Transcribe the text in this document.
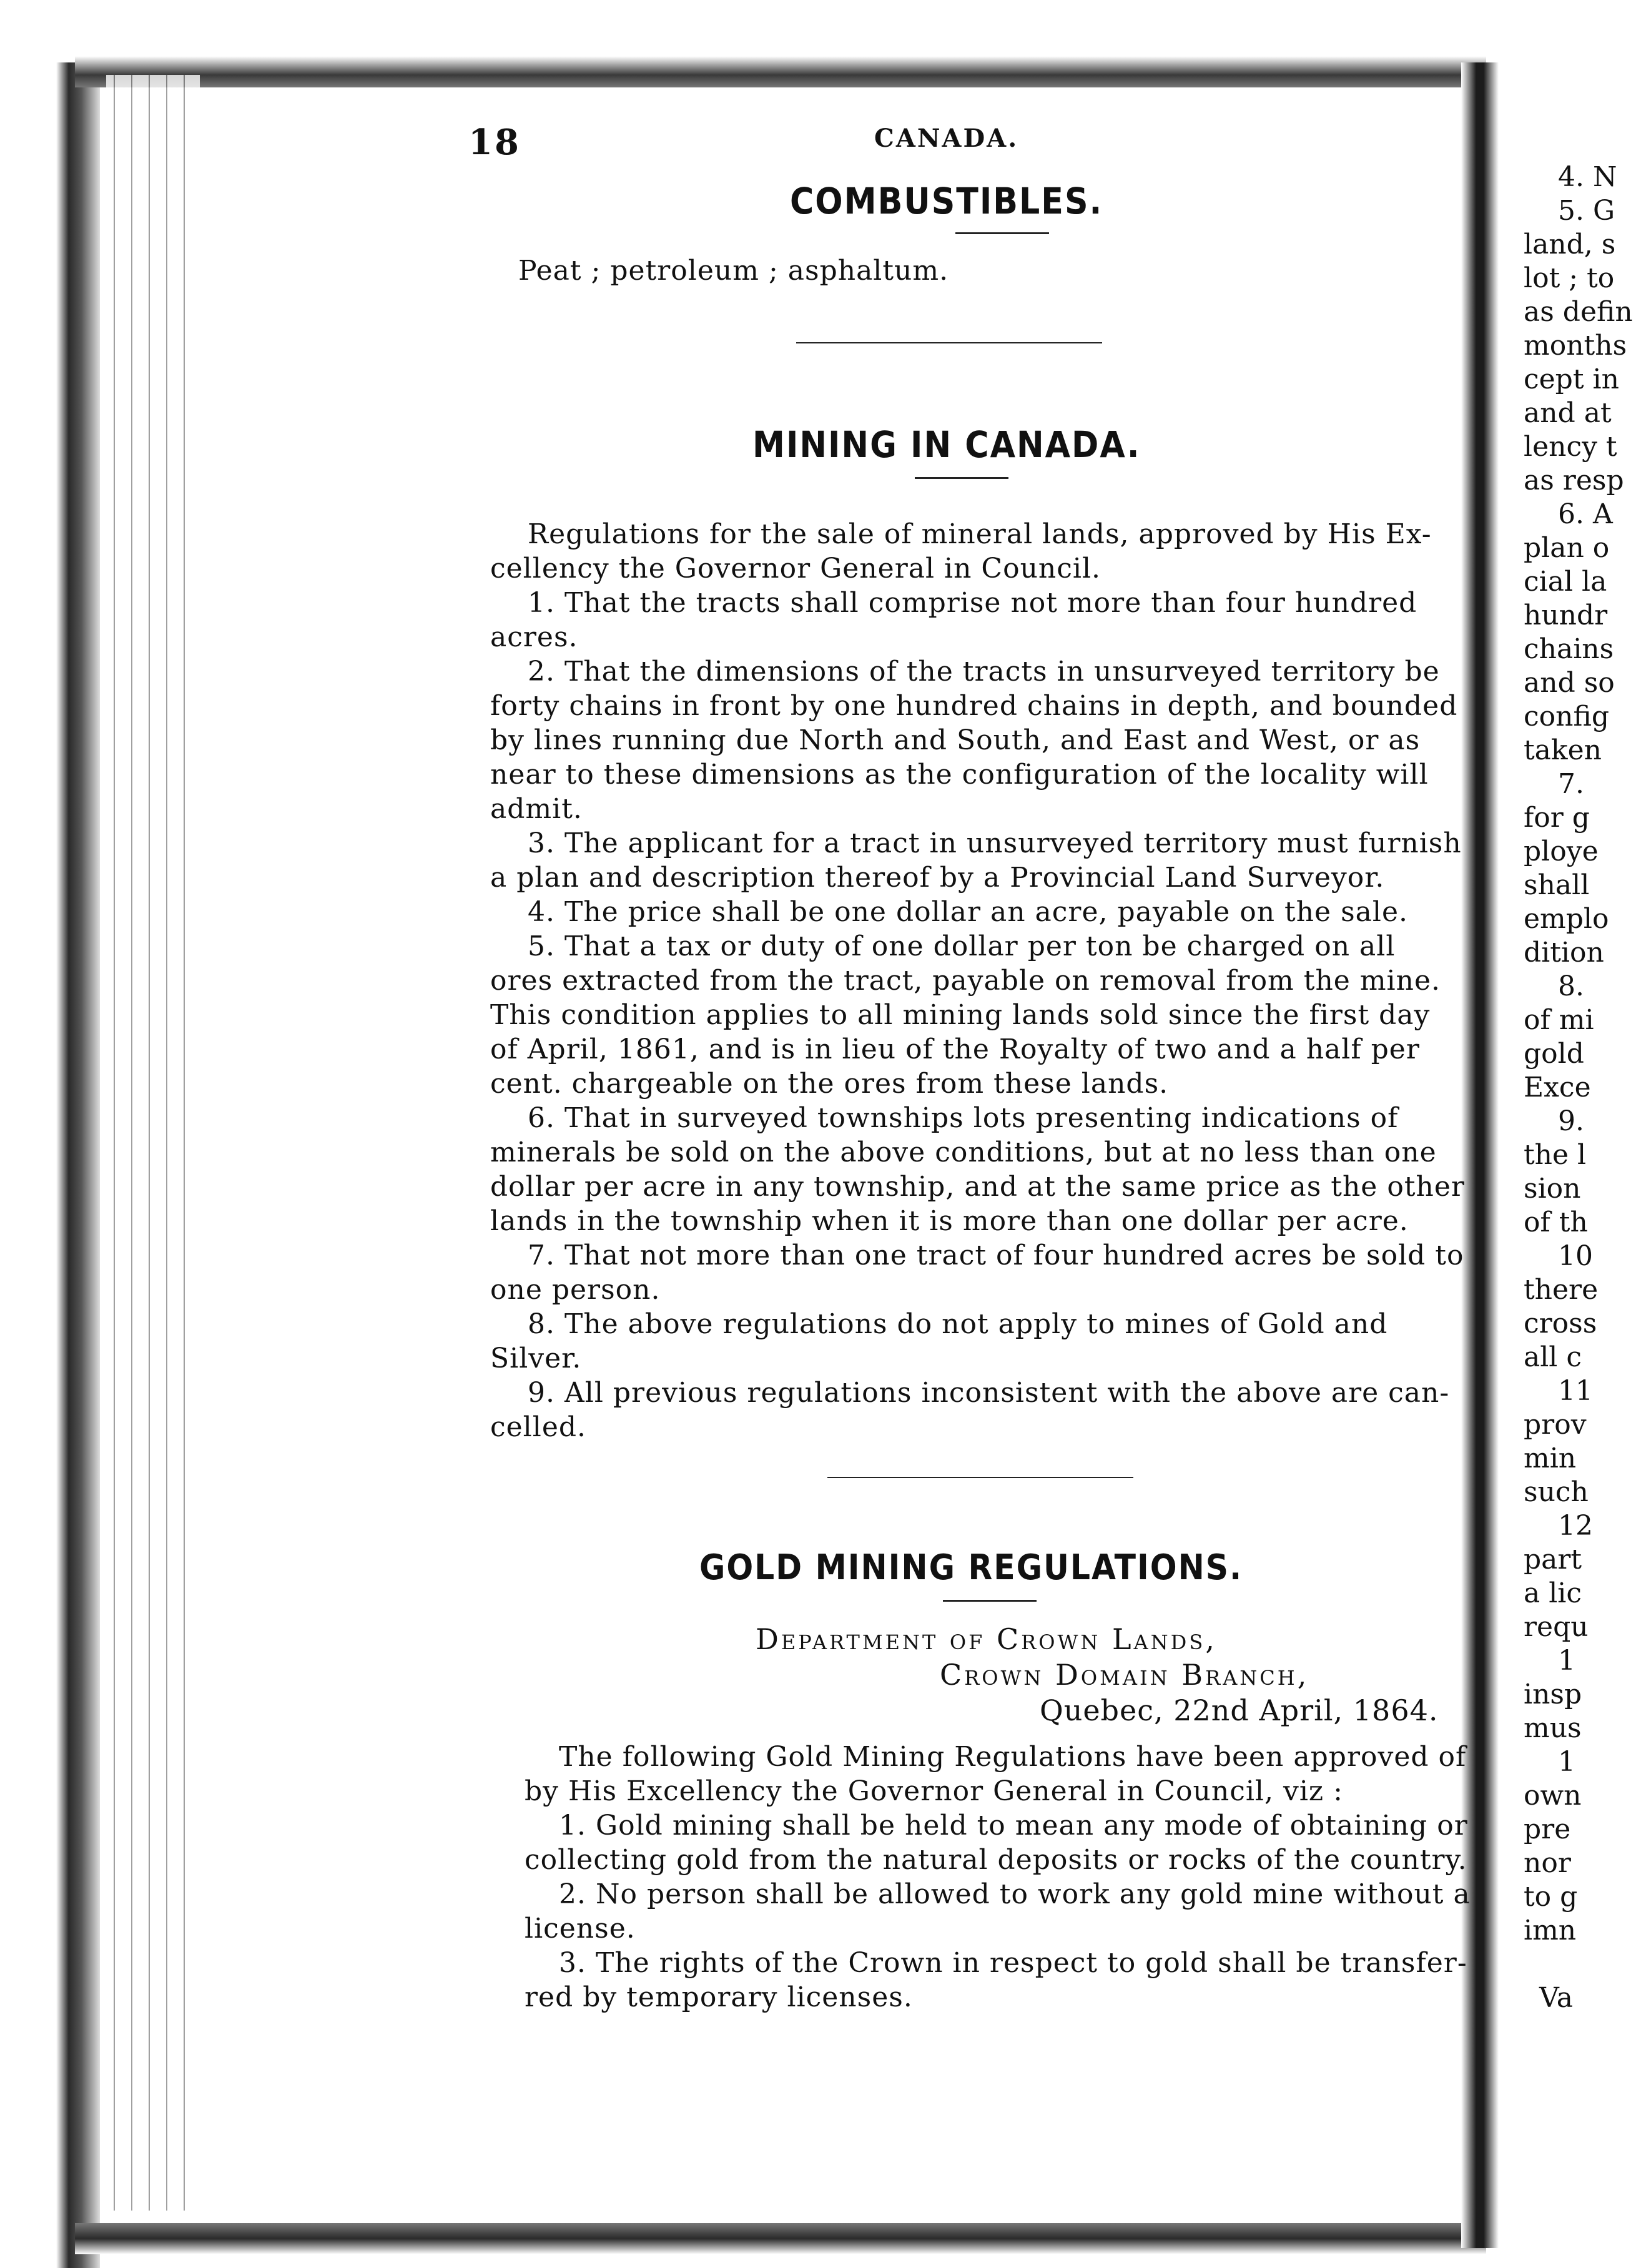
18	CANADA.
COMBUSTIBLES.
Peat ; petroleum ; asphaltum.
MINING IN CANADA.
Regulations for the sale of mineral lands, approved by His Ex-
cellency the Governor General in Council.
1. That the tracts shall comprise not more than four hundred
acres.
2. That the dimensions of the tracts in unsurveyed territory be
forty chains in front by one hundred chains in depth, and bounded
by lines running due North and South, and East and West, or as
near to these dimensions as the configuration of the locality will
admit.
3. The applicant for a tract in unsurveyed territory must furnish
a plan and description thereof by a Provincial Land Surveyor.
4. The price shall be one dollar an acre, payable on the sale.
5. That a tax or duty of one dollar per ton be charged on all
ores extracted from the tract, payable on removal from the mine.
This condition applies to all mining lands sold since the first day
of April, 1861, and is in lieu of the Royalty of two and a half per
cent. chargeable on the ores from these lands.
6. That in surveyed townships lots presenting indications of
minerals be sold on the above conditions, but at no less than one
dollar per acre in any township, and at the same price as the other
lands in the township when it is more than one dollar per acre.
7. That not more than one tract of four hundred acres be sold to
one person.
8. The above regulations do not apply to mines of Gold and
Silver.
9. All previous regulations inconsistent with the above are can-
celled.
GOLD MINING REGULATIONS.
Department of Crown Lands,
Crown Domain Branch,
Quebec, 22nd April, 1864.
The following Gold Mining Regulations have been approved of
by His Excellency the Governor General in Council, viz :
1. Gold mining shall be held to mean any mode of obtaining or
collecting gold from the natural deposits or rocks of the country.
2. No person shall be allowed to work any gold mine without a
license.
3. The rights of the Crown in respect to gold shall be transfer-
red by temporary licenses.
4. N
5. G
land, s
lot ; to
as defin
months
cept in
and at
lency t
as resp
6. A
plan o
cial la
hundr
chains
and so
config
taken
7.
for g
ploye
shall
emplo
dition
8.
of mi
gold
Exce
9.
the l
sion
of th
10
there
cross
all c
11
prov
min
such
12
part
a lic
requ
1
insp
mus
1
own
pre
nor
to g
imn
Va
